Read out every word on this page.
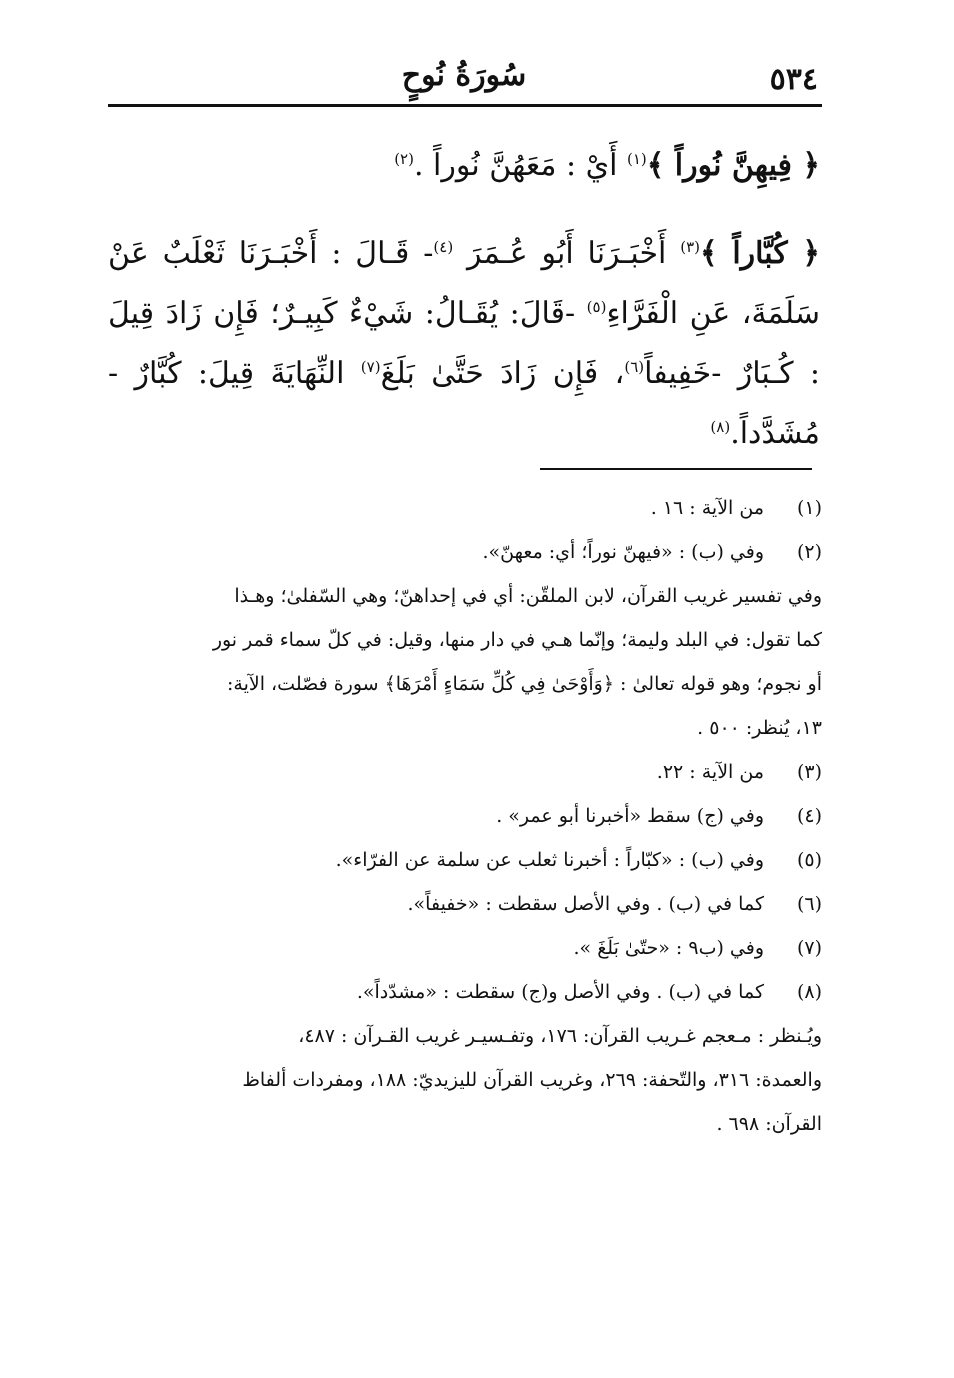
٥٣٤
سُورَةُ نُوحٍ

﴿ فِيهِنَّ نُوراً ﴾$^{(١)}$ أَيْ : مَعَهُنَّ نُوراً .$^{(٢)}$

﴿ كُبَّاراً ﴾$^{(٣)}$ أَخْبَـرَنَا أَبُو عُـمَرَ $^{(٤)}$- قَـالَ : أَخْبَـرَنَا ثَعْلَبٌ عَنْ سَلَمَةَ، عَنِ الْفَرَّاءِ$^{(٥)}$ -قَالَ: يُقَـالُ: شَيْءٌ كَبِيـرٌ؛ فَإِن زَادَ قِيلَ : كُـبَارٌ -خَفِيفاً$^{(٦)}$، فَإِن زَادَ حَتَّىٰ بَلَغَ$^{(٧)}$ النِّهَايَةَ قِيلَ: كُبَّارٌ - مُشَدَّداً.$^{(٨)}$

(١)
من الآية : ١٦ .
(٢)
وفي (ب) : «فيهنّ نوراً؛ أي: معهنّ».
وفي تفسير غريب القرآن، لابن الملقّن: أي في إحداهنّ؛ وهي السّفلىٰ؛ وهـذا
كما تقول: في البلد وليمة؛ وإنّما هـي في دار منها، وقيل: في كلّ سماء قمر نور
أو نجوم؛ وهو قوله تعالىٰ : ﴿وَأَوْحَىٰ فِي كُلِّ سَمَاءٍ أَمْرَهَا﴾ سورة فصّلت، الآية:
١٣، يُنظر: ٥٠٠ .
(٣)
من الآية : ٢٢.
(٤)
وفي (ج) سقط «أخبرنا أبو عمر» .
(٥)
وفي (ب) : «كبّاراً : أخبرنا ثعلب عن سلمة عن الفرّاء».
(٦)
كما في (ب) . وفي الأصل سقطت : «خفيفاً».
(٧)
وفي (ب٩ : «حتّىٰ بَلَغَ ».
(٨)
كما في (ب) . وفي الأصل و(ج) سقطت : «مشدّداً».
ويُـنظر : مـعجم غـريب القرآن: ١٧٦، وتفـسيـر غريب القـرآن : ٤٨٧،
والعمدة: ٣١٦، والتّحفة: ٢٦٩، وغريب القرآن لليزيديّ: ١٨٨، ومفردات ألفاظ
القرآن: ٦٩٨ .
